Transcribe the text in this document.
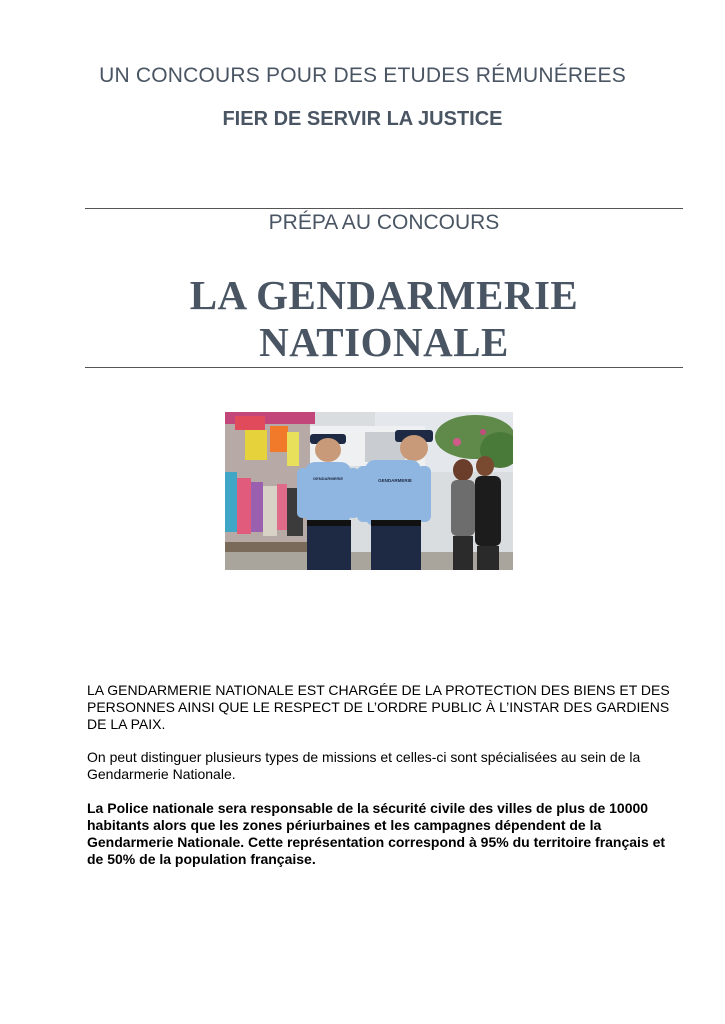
UN CONCOURS POUR DES ETUDES RÉMUNÉREES
FIER DE SERVIR LA JUSTICE
PRÉPA AU CONCOURS
LA GENDARMERIE
NATIONALE
GENDARMERIE	GENDARMERIE

LA GENDARMERIE NATIONALE EST CHARGÉE DE LA PROTECTION DES BIENS ET DES PERSONNES AINSI QUE LE RESPECT DE L’ORDRE PUBLIC À L’INSTAR DES GARDIENS DE LA PAIX.

On peut distinguer plusieurs types de missions et celles-ci sont spécialisées au sein de la Gendarmerie Nationale.

La Police nationale sera responsable de la sécurité civile des villes de plus de 10000 habitants alors que les zones périurbaines et les campagnes dépendent de la Gendarmerie Nationale. Cette représentation correspond à 95% du territoire français et de 50% de la population française.
